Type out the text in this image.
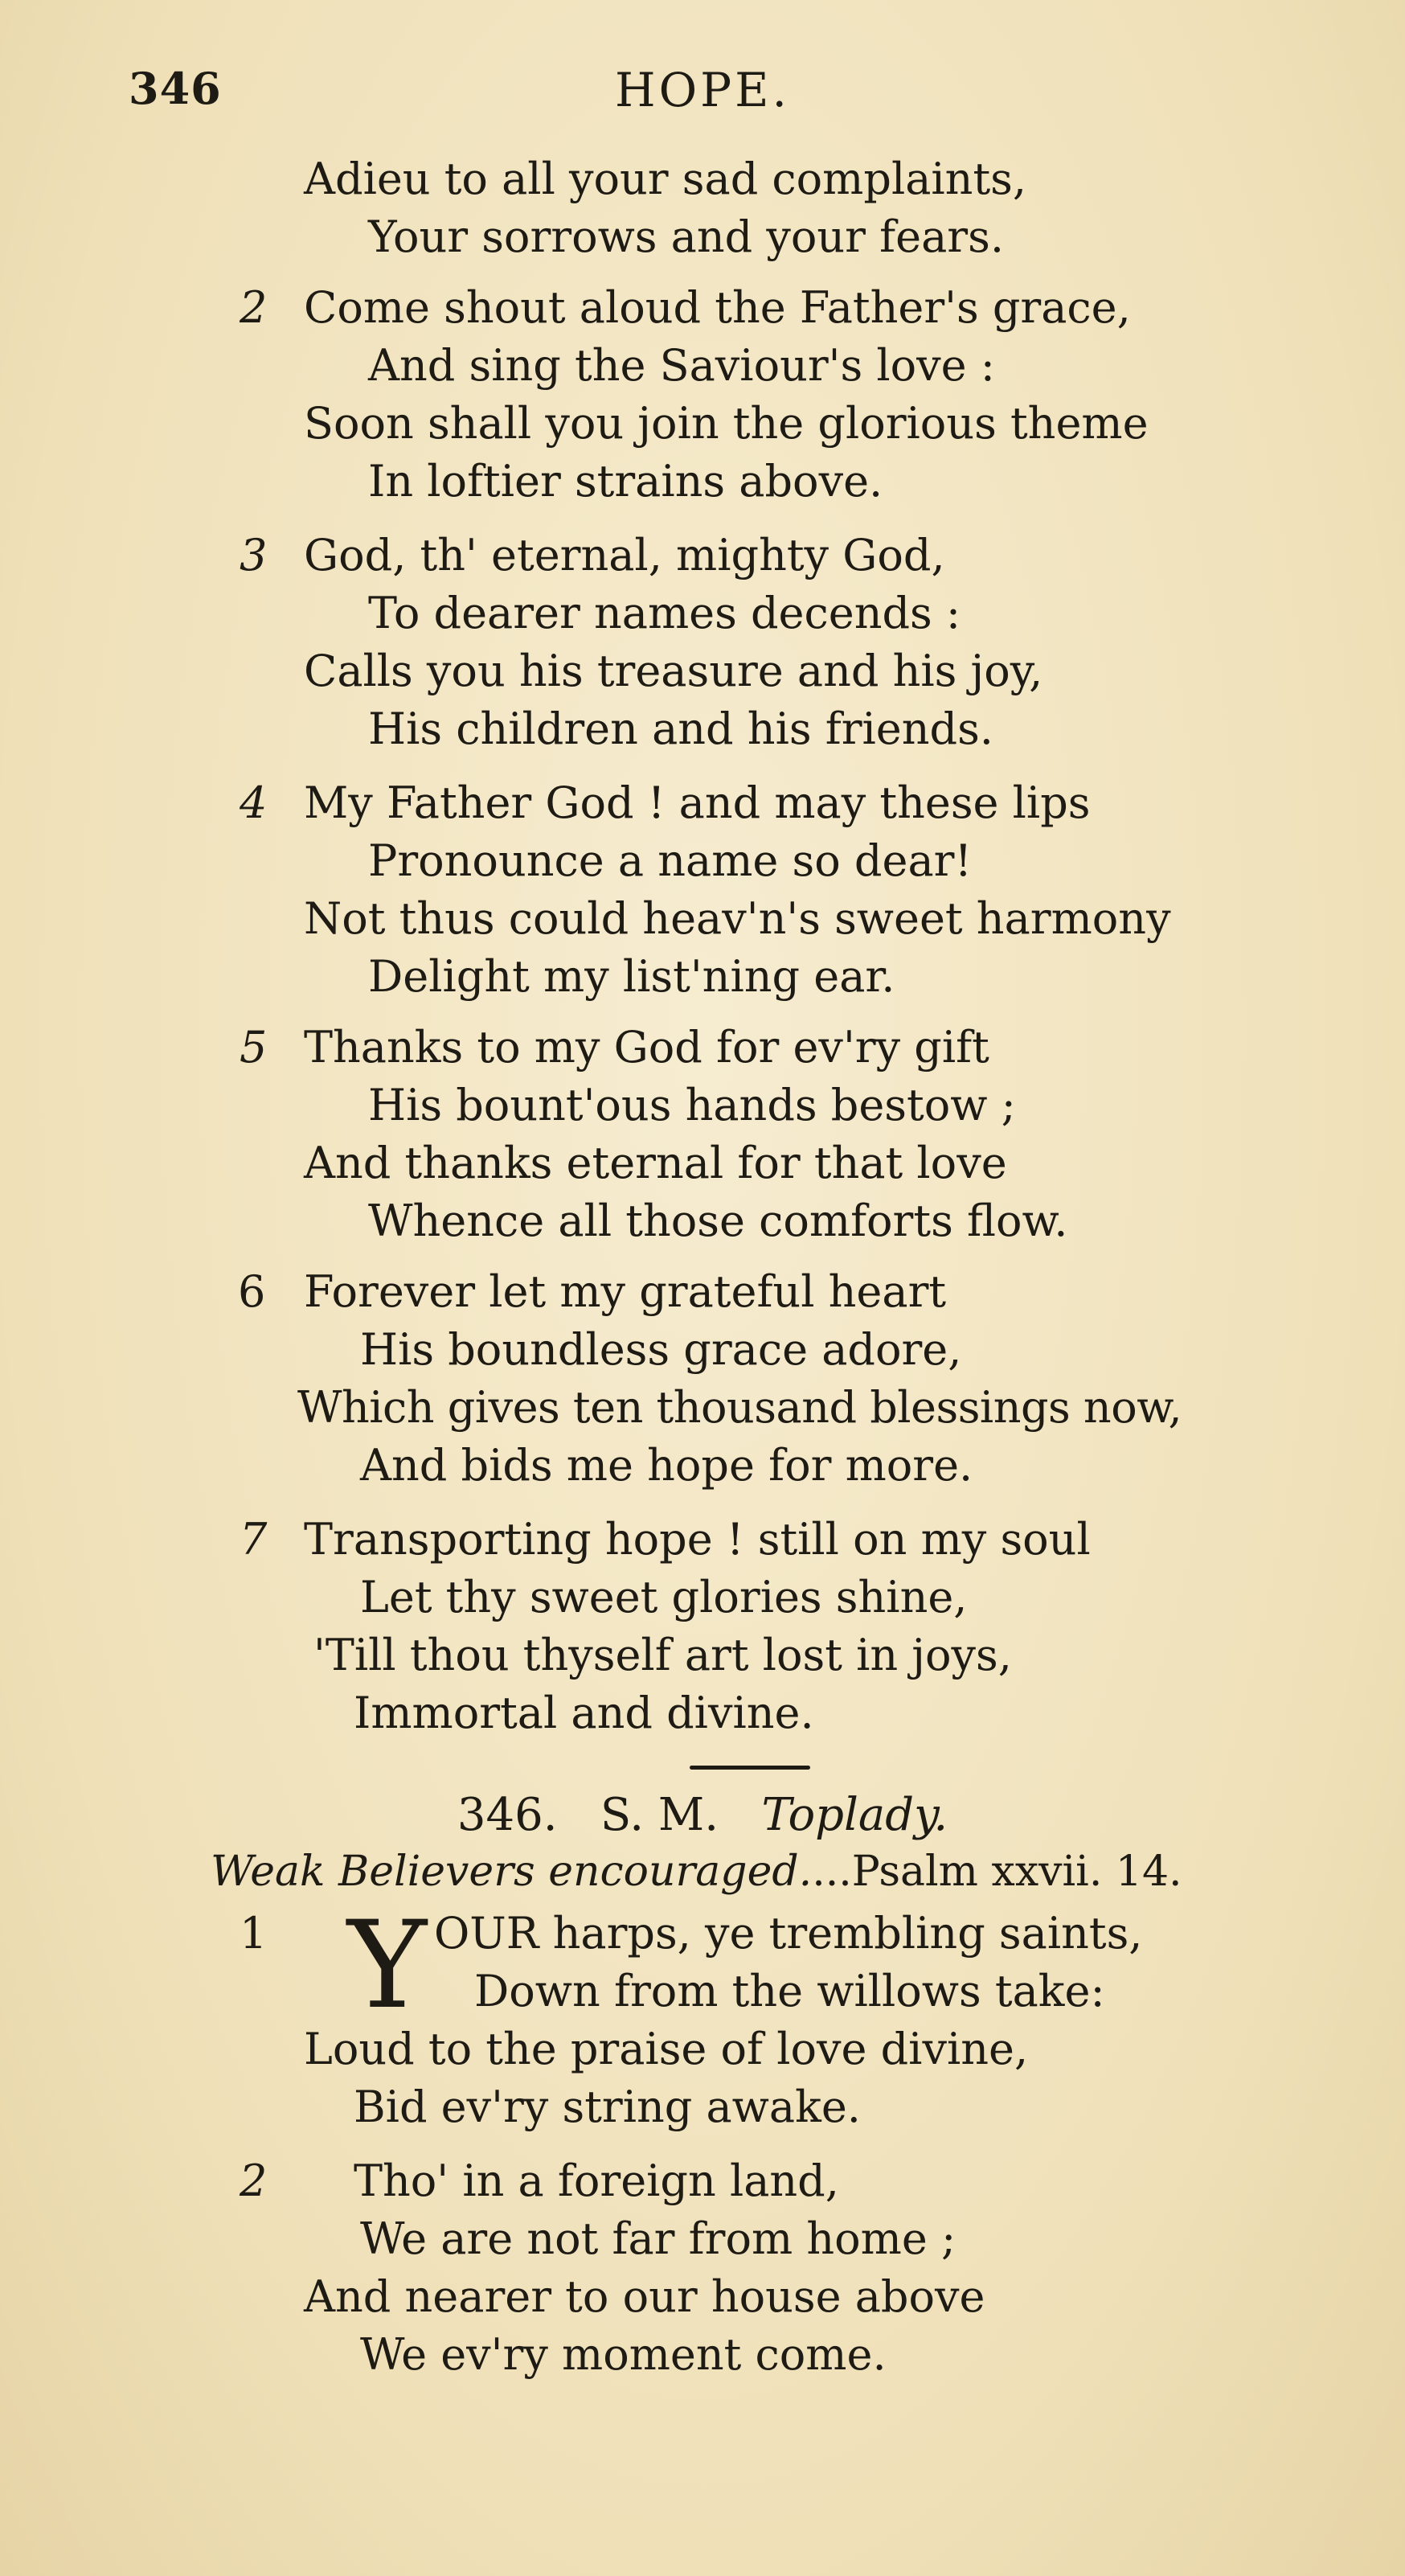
346	HOPE.
Adieu to all your sad complaints,
Your sorrows and your fears.
2 Come shout aloud the Father's grace,
And sing the Saviour's love :
Soon shall you join the glorious theme
In loftier strains above.
3 God, th' eternal, mighty God,
To dearer names decends :
Calls you his treasure and his joy,
His children and his friends.
4 My Father God ! and may these lips
Pronounce a name so dear!
Not thus could heav'n's sweet harmony
Delight my list'ning ear.
5 Thanks to my God for ev'ry gift
His bount'ous hands bestow ;
And thanks eternal for that love
Whence all those comforts flow.
6 Forever let my grateful heart
His boundless grace adore,
Which gives ten thousand blessings now,
And bids me hope for more.
7 Transporting hope ! still on my soul
Let thy sweet glories shine,
'Till thou thyself art lost in joys,
Immortal and divine.
346. S. M. Toplady.
Weak Believers encouraged....Psalm xxvii. 14.
1 Y OUR harps, ye trembling saints,
Down from the willows take:
Loud to the praise of love divine,
Bid ev'ry string awake.
2 Tho' in a foreign land,
We are not far from home ;
And nearer to our house above
We ev'ry moment come.
